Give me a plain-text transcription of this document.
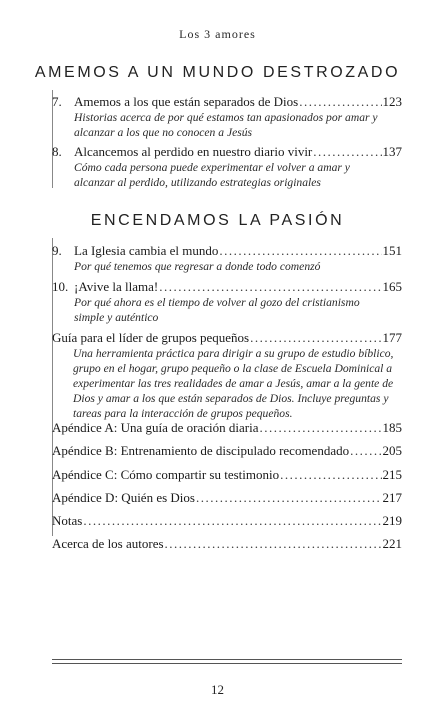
Los 3 amores
AMEMOS A UN MUNDO DESTROZADO
7. Amemos a los que están separados de Dios .....	123
Historias acerca de por qué estamos tan apasionados por amar y
alcanzar a los que no conocen a Jesús
8. Alcancemos al perdido en nuestro diario vivir .....	137
Cómo cada persona puede experimentar el volver a amar y
alcanzar al perdido, utilizando estrategias originales
ENCENDAMOS LA PASIÓN
9. La Iglesia cambia el mundo .....	151
Por qué tenemos que regresar a donde todo comenzó
10. ¡Avive la llama! .....	165
Por qué ahora es el tiempo de volver al gozo del cristianismo
simple y auténtico
Guía para el líder de grupos pequeños .....	177
Una herramienta práctica para dirigir a su grupo de estudio bíblico,
grupo en el hogar, grupo pequeño o la clase de Escuela Dominical a
experimentar las tres realidades de amar a Jesús, amar a la gente de
Dios y amar a los que están separados de Dios. Incluye preguntas y
tareas para la interacción de grupos pequeños.
Apéndice A: Una guía de oración diaria .....	185
Apéndice B: Entrenamiento de discipulado recomendado .....	205
Apéndice C: Cómo compartir su testimonio .....	215
Apéndice D: Quién es Dios .....	217
Notas .....	219
Acerca de los autores .....	221
12
